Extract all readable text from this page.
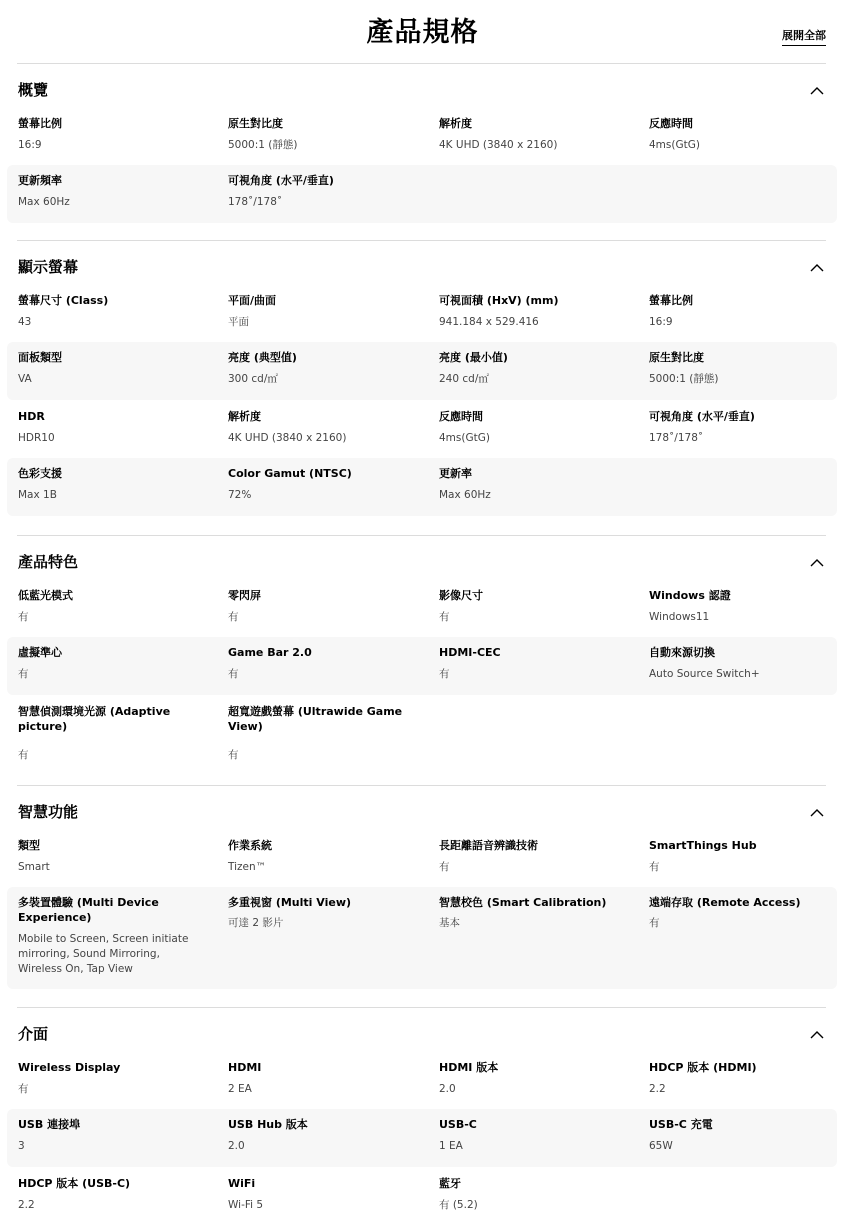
產品規格	展開全部
概覽
螢幕比例
16:9
原生對比度
5000:1 (靜態)
解析度
4K UHD (3840 x 2160)
反應時間
4ms(GtG)
更新頻率
Max 60Hz
可視角度 (水平/垂直)
178˚/178˚
顯示螢幕
螢幕尺寸 (Class)
43
平面/曲面
平面
可視面積 (HxV) (mm)
941.184 x 529.416
螢幕比例
16:9
面板類型
VA
亮度 (典型值)
300 cd/㎡
亮度 (最小值)
240 cd/㎡
原生對比度
5000:1 (靜態)
HDR
HDR10
解析度
4K UHD (3840 x 2160)
反應時間
4ms(GtG)
可視角度 (水平/垂直)
178˚/178˚
色彩支援
Max 1B
Color Gamut (NTSC)
72%
更新率
Max 60Hz
產品特色
低藍光模式
有
零閃屏
有
影像尺寸
有
Windows 認證
Windows11
虛擬準心
有
Game Bar 2.0
有
HDMI-CEC
有
自動來源切換
Auto Source Switch+
智慧偵測環境光源 (Adaptive picture)
有
超寬遊戲螢幕 (Ultrawide Game View)
有
智慧功能
類型
Smart
作業系統
Tizen™
長距離語音辨識技術
有
SmartThings Hub
有
多裝置體驗 (Multi Device Experience)
Mobile to Screen, Screen initiate mirroring, Sound Mirroring, Wireless On, Tap View
多重視窗 (Multi View)
可達 2 影片
智慧校色 (Smart Calibration)
基本
遠端存取 (Remote Access)
有
介面
Wireless Display
有
HDMI
2 EA
HDMI 版本
2.0
HDCP 版本 (HDMI)
2.2
USB 連接埠
3
USB Hub 版本
2.0
USB-C
1 EA
USB-C 充電
65W
HDCP 版本 (USB-C)
2.2
WiFi
Wi-Fi 5
藍牙
有 (5.2)
